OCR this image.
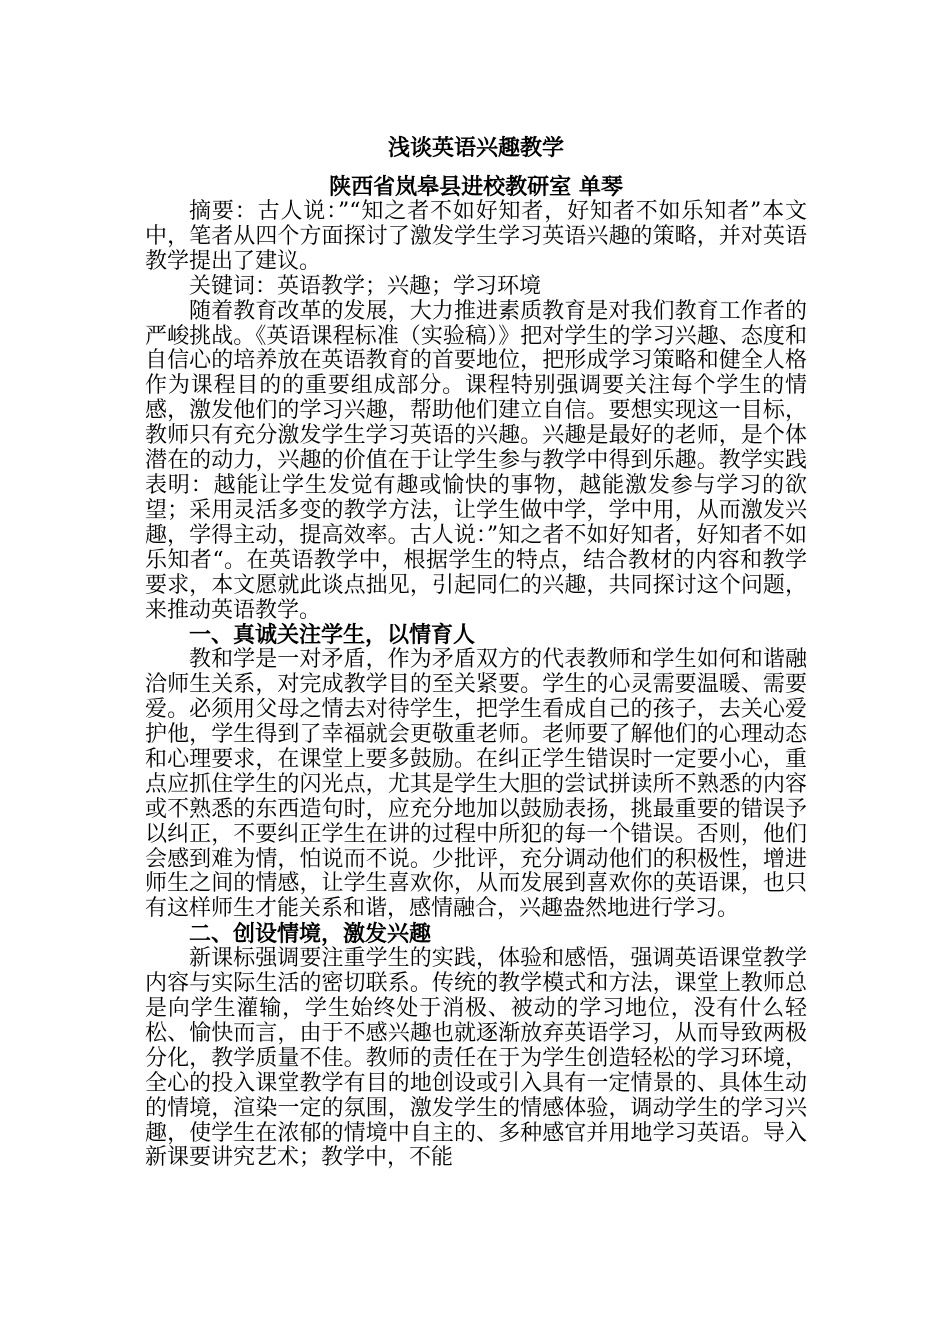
浅谈英语兴趣教学
陕西省岚皋县进校教研室 单琴

摘要：古人说：”“知之者不如好知者，好知者不如乐知者”本文中，笔者从四个方面探讨了激发学生学习英语兴趣的策略，并对英语教学提出了建议。

关键词：英语教学；兴趣；学习环境

随着教育改革的发展，大力推进素质教育是对我们教育工作者的严峻挑战。《英语课程标准（实验稿）》把对学生的学习兴趣、态度和自信心的培养放在英语教育的首要地位，把形成学习策略和健全人格作为课程目的的重要组成部分。课程特别强调要关注每个学生的情感，激发他们的学习兴趣，帮助他们建立自信。要想实现这一目标，教师只有充分激发学生学习英语的兴趣。兴趣是最好的老师，是个体潜在的动力，兴趣的价值在于让学生参与教学中得到乐趣。教学实践表明：越能让学生发觉有趣或愉快的事物，越能激发参与学习的欲望；采用灵活多变的教学方法，让学生做中学，学中用，从而激发兴趣，学得主动，提高效率。古人说：”知之者不如好知者，好知者不如乐知者“。在英语教学中，根据学生的特点，结合教材的内容和教学要求，本文愿就此谈点拙见，引起同仁的兴趣，共同探讨这个问题，来推动英语教学。

一、真诚关注学生，以情育人

教和学是一对矛盾，作为矛盾双方的代表教师和学生如何和谐融洽师生关系，对完成教学目的至关紧要。学生的心灵需要温暖、需要爱。必须用父母之情去对待学生，把学生看成自己的孩子，去关心爱护他，学生得到了幸福就会更敬重老师。老师要了解他们的心理动态和心理要求，在课堂上要多鼓励。在纠正学生错误时一定要小心，重点应抓住学生的闪光点，尤其是学生大胆的尝试拼读所不熟悉的内容或不熟悉的东西造句时，应充分地加以鼓励表扬，挑最重要的错误予以纠正，不要纠正学生在讲的过程中所犯的每一个错误。否则，他们会感到难为情，怕说而不说。少批评，充分调动他们的积极性，增进师生之间的情感，让学生喜欢你，从而发展到喜欢你的英语课，也只有这样师生才能关系和谐，感情融合，兴趣盎然地进行学习。

二、创设情境，激发兴趣

新课标强调要注重学生的实践，体验和感悟，强调英语课堂教学内容与实际生活的密切联系。传统的教学模式和方法，课堂上教师总是向学生灌输，学生始终处于消极、被动的学习地位，没有什么轻松、愉快而言，由于不感兴趣也就逐渐放弃英语学习，从而导致两极分化，教学质量不佳。教师的责任在于为学生创造轻松的学习环境，全心的投入课堂教学有目的地创设或引入具有一定情景的、具体生动的情境，渲染一定的氛围，激发学生的情感体验，调动学生的学习兴趣，使学生在浓郁的情境中自主的、多种感官并用地学习英语。导入新课要讲究艺术；教学中，不能
